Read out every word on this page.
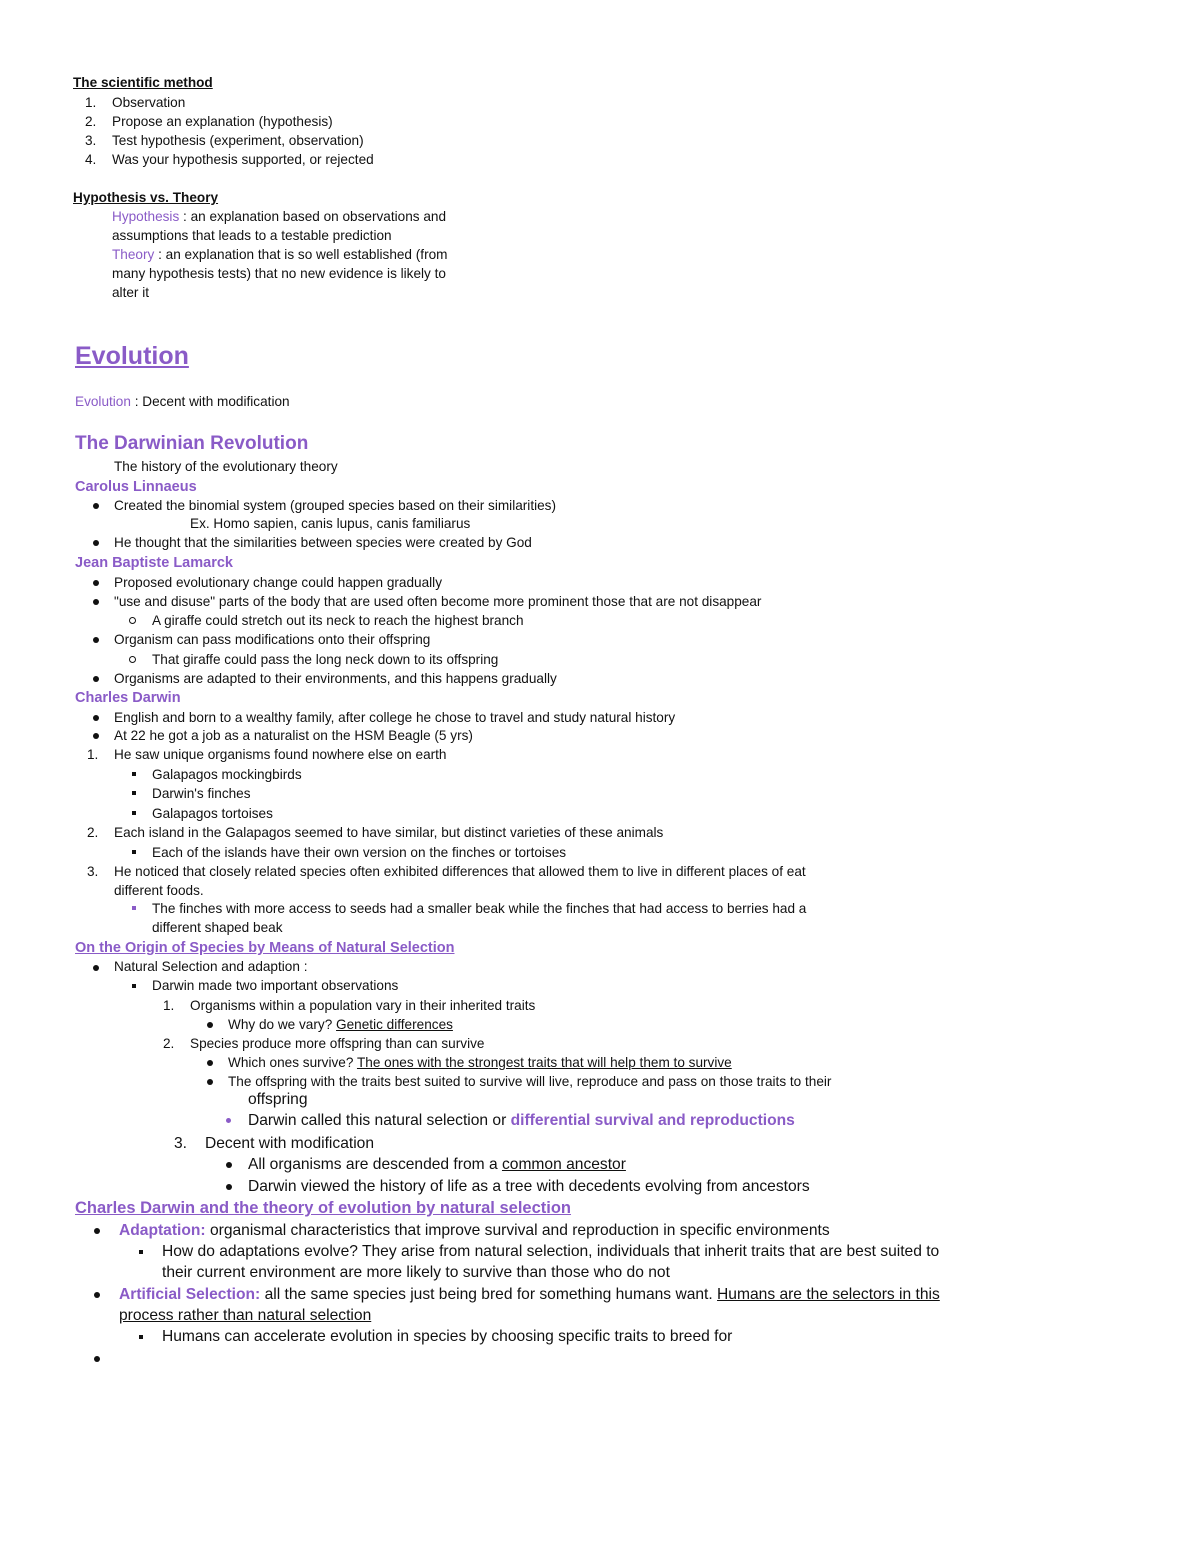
The scientific method
1. Observation
2. Propose an explanation (hypothesis)
3. Test hypothesis (experiment, observation)
4. Was your hypothesis supported, or rejected
Hypothesis vs. Theory
Hypothesis : an explanation based on observations and
assumptions that leads to a testable prediction
Theory : an explanation that is so well established (from
many hypothesis tests) that no new evidence is likely to
alter it
Evolution
Evolution : Decent with modification
The Darwinian Revolution
The history of the evolutionary theory
Carolus Linnaeus
Created the binomial system (grouped species based on their similarities)
Ex. Homo sapien, canis lupus, canis familiarus
He thought that the similarities between species were created by God
Jean Baptiste Lamarck
Proposed evolutionary change could happen gradually
"use and disuse" parts of the body that are used often become more prominent those that are not disappear
A giraffe could stretch out its neck to reach the highest branch
Organism can pass modifications onto their offspring
That giraffe could pass the long neck down to its offspring
Organisms are adapted to their environments, and this happens gradually
Charles Darwin
English and born to a wealthy family, after college he chose to travel and study natural history
At 22 he got a job as a naturalist on the HSM Beagle (5 yrs)
1. He saw unique organisms found nowhere else on earth
Galapagos mockingbirds
Darwin's finches
Galapagos tortoises
2. Each island in the Galapagos seemed to have similar, but distinct varieties of these animals
Each of the islands have their own version on the finches or tortoises
3. He noticed that closely related species often exhibited differences that allowed them to live in different places of eat
different foods.
The finches with more access to seeds had a smaller beak while the finches that had access to berries had a
different shaped beak
On the Origin of Species by Means of Natural Selection
Natural Selection and adaption :
Darwin made two important observations
1. Organisms within a population vary in their inherited traits
Why do we vary? Genetic differences
2. Species produce more offspring than can survive
Which ones survive? The ones with the strongest traits that will help them to survive
The offspring with the traits best suited to survive will live, reproduce and pass on those traits to their
offspring
Darwin called this natural selection or differential survival and reproductions
3. Decent with modification
All organisms are descended from a common ancestor
Darwin viewed the history of life as a tree with decedents evolving from ancestors
Charles Darwin and the theory of evolution by natural selection
Adaptation: organismal characteristics that improve survival and reproduction in specific environments
How do adaptations evolve? They arise from natural selection, individuals that inherit traits that are best suited to
their current environment are more likely to survive than those who do not
Artificial Selection: all the same species just being bred for something humans want. Humans are the selectors in this
process rather than natural selection
Humans can accelerate evolution in species by choosing specific traits to breed for
